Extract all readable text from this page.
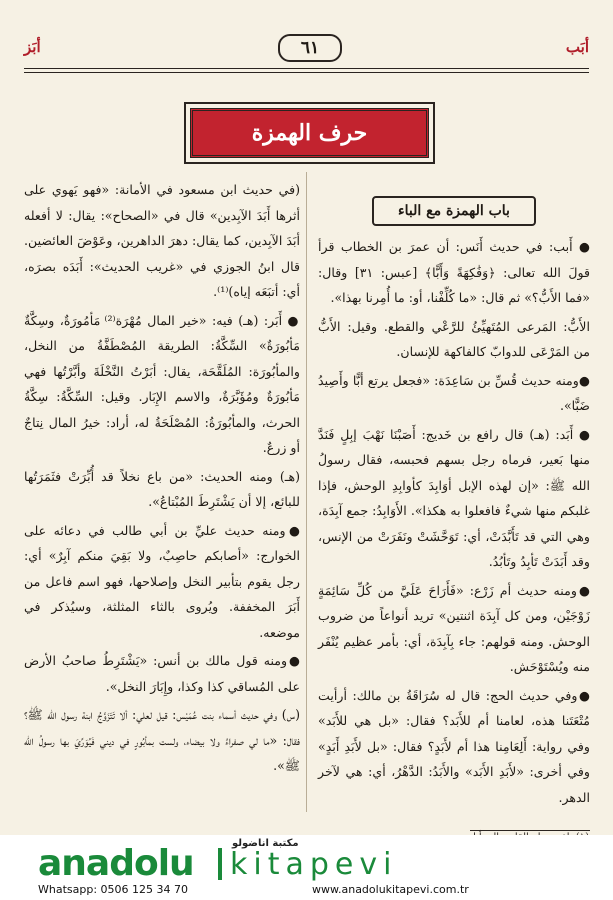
أبَز	٦١	أبَب
حرف الهمزة

(في حديث ابن مسعود في الأمانة: «فهو يَهوي على أثرها أَبَدَ الآبِدين» قال في «الصحاح»: يقال: لا أفعله أبَدَ الآبِدين، كما يقال: دهرَ الداهرين، وعَوْضَ العائضين. قال ابنُ الجوزي في «غريب الحديث»: أَبَدَه بصرَه، أي: أتبَعَه إياه)⁽¹⁾.

● أَبَر: (هـ) فيه: «خير المال مُهْرَة⁽²⁾ مَأمُورَةٌ، وسِكَّةٌ مَأبُورَةٌ» السِّكَّةُ: الطريقة المُصْطَفَّةُ من النخل، والمأبُورَة: المُلَقَّحَة، يقال: أبَرْتُ النَّخْلَةَ وأبَّرْتُها فهي مَأبُورَةٌ ومُؤَبَّرَةٌ، والاسم الإِبَار. وقيل: السِّكَّةُ: سِكَّةُ الحرث، والمأبُورَةُ: المُصْلَحَةُ له، أراد: خيرُ المال نِتاجٌ أو زرعٌ.

(هـ) ومنه الحديث: «من باع نخلاً قد أُبِّرَتْ فثَمَرَتُها للبائع، إلا أن يَشْتَرِطَ المُبْتاعُ».

●ومنه حديث عليِّ بن أبي طالب في دعائه على الخوارج: «أصابكم حاصِبٌ، ولا بَقِيَ منكم آبِرٌ» أي: رجل يقوم بتأبير النخل وإصلاحها، فهو اسم فاعل من أَبَرَ المخففة. ويُروى بالثاء المثلثة، وسيُذكر في موضعه.

●ومنه قول مالك بن أنس: «يَشْتَرِطُ صاحبُ الأرض على المُساقي كذا وكذا، وإِبَارَ النخل».

(س) وفي حديث أسماء بنت عُمَيْس: قيل لعلي: ألا تَتَزَوَّجُ ابنة رسول الله ﷺ؟ فقال: «ما لي صفراءُ ولا بيضاء، ولست بمأبُورٍ في ديني فَيُوَرِّيَ بها رسولُ الله ﷺ».

باب الهمزة مع الباء

● أَبب: في حديث أَنَس: أن عمرَ بن الخطاب قرأ قولَ الله تعالى: ﴿وَفَٰكِهَةً وَأَبًّا﴾ [عبس: ٣١] وقال: «فما الأَبُّ؟» ثم قال: «ما كُلِّفْنا، أو: ما أُمِرنا بهذا».

الأَبُّ: المَرعى المُتَهيِّئُ للرَّعْي والقطع. وقيل: الأَبُّ من المَرْعَى للدوابّ كالفاكهة للإنسان.

●ومنه حديث قُسِّ بن سَاعِدَة: «فجعل يرتع أبًّا وأَصِيدُ ضَبًّا».

● أَبَد: (هـ) قال رافع بن خَديج: أَصَبْنَا نَهْبَ إبِلٍ فَنَدَّ منها بَعير، فرماه رجل بسهم فحبسه، فقال رسولُ الله ﷺ: «إن لهذه الإبل أوَابِدَ كأوابِدِ الوحش، فإذا غلبكم منها شيءٌ فافعلوا به هكذا». الأَوَابِدُ: جمع آبِدَة، وهي التي قد تَأَبَّدَتْ، أي: تَوَحَّشَتْ ونَفَرَتْ من الإنس، وقد أَبَدَتْ تَأبِدُ وتَأبُدُ.

●ومنه حديث أم زَرْع: «فَأَرَاحَ عَلَيَّ من كُلِّ سَائِمَةٍ زَوْجَيْن، ومن كل آبِدَة اثنتين» تريد أنواعاً من ضروب الوحش. ومنه قولهم: جاء بِآبِدَة، أي: بأمر عظيم يُنْفَر منه ويُسْتَوْحَش.

●وفي حديث الحج: قال له سُرَاقَةُ بن مالك: أرأيت مُتْعَتَنا هذه، لعامنا أم للأَبَد؟ فقال: «بل هي للأَبَد» وفي رواية: أَلِعَامِنا هذا أم لأَبَدٍ؟ فقال: «بل لأَبَدِ أَبَدٍ» وفي أخرى: «لأَبَدِ الأَبَد» والأَبَدُ: الدَّهْرُ، أي: هي لآخر الدهر.

مكتبة اناضولو
anadolu kitapevi
Whatsapp: 0506 125 34 70	www.anadolukitapevi.com.tr
